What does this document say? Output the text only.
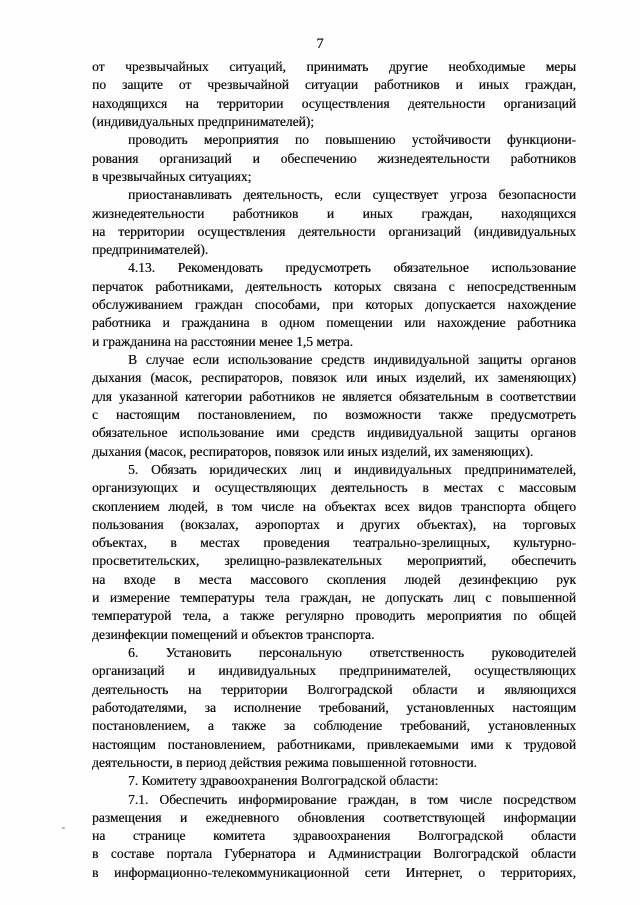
7
от чрезвычайных ситуаций, принимать другие необходимые меры
по защите от чрезвычайной ситуации работников и иных граждан,
находящихся на территории осуществления деятельности организаций
(индивидуальных предпринимателей);
проводить мероприятия по повышению устойчивости функциони-
рования организаций и обеспечению жизнедеятельности работников
в чрезвычайных ситуациях;
приостанавливать деятельность, если существует угроза безопасности
жизнедеятельности работников и иных граждан, находящихся
на территории осуществления деятельности организаций (индивидуальных
предпринимателей).
4.13. Рекомендовать предусмотреть обязательное использование
перчаток работниками, деятельность которых связана с непосредственным
обслуживанием граждан способами, при которых допускается нахождение
работника и гражданина в одном помещении или нахождение работника
и гражданина на расстоянии менее 1,5 метра.
В случае если использование средств индивидуальной защиты органов
дыхания (масок, респираторов, повязок или иных изделий, их заменяющих)
для указанной категории работников не является обязательным в соответствии
с настоящим постановлением, по возможности также предусмотреть
обязательное использование ими средств индивидуальной защиты органов
дыхания (масок, респираторов, повязок или иных изделий, их заменяющих).
5. Обязать юридических лиц и индивидуальных предпринимателей,
организующих и осуществляющих деятельность в местах с массовым
скоплением людей, в том числе на объектах всех видов транспорта общего
пользования (вокзалах, аэропортах и других объектах), на торговых
объектах, в местах проведения театрально-зрелищных, культурно-
просветительских, зрелищно-развлекательных мероприятий, обеспечить
на входе в места массового скопления людей дезинфекцию рук
и измерение температуры тела граждан, не допускать лиц с повышенной
температурой тела, а также регулярно проводить мероприятия по общей
дезинфекции помещений и объектов транспорта.
6. Установить персональную ответственность руководителей
организаций и индивидуальных предпринимателей, осуществляющих
деятельность на территории Волгоградской области и являющихся
работодателями, за исполнение требований, установленных настоящим
постановлением, а также за соблюдение требований, установленных
настоящим постановлением, работниками, привлекаемыми ими к трудовой
деятельности, в период действия режима повышенной готовности.
7. Комитету здравоохранения Волгоградской области:
7.1. Обеспечить информирование граждан, в том числе посредством
размещения и ежедневного обновления соответствующей информации
на странице комитета здравоохранения Волгоградской области
в составе портала Губернатора и Администрации Волгоградской области
в информационно-телекоммуникационной сети Интернет, о территориях,
